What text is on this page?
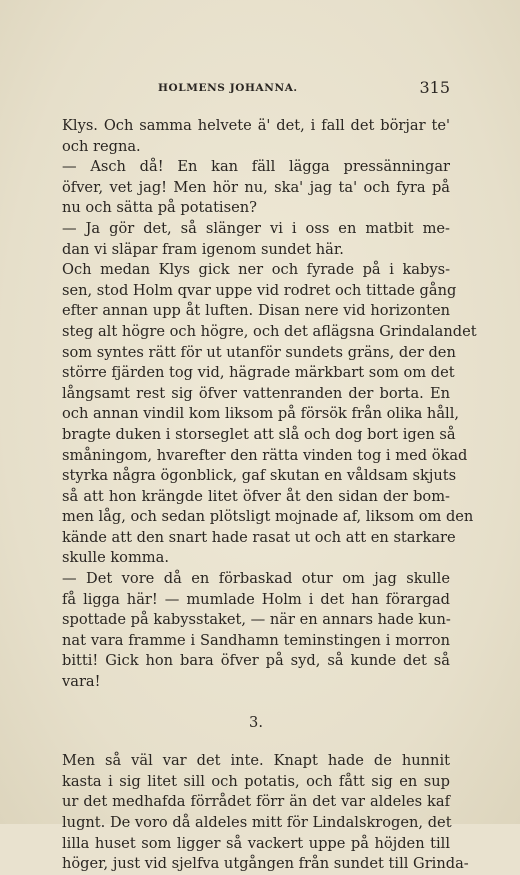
HOLMENS JOHANNA.	315
Klys. Och samma helvete ä' det, i fall det börjar te'
och regna.
— Asch då! En kan fäll lägga pressänningar
öfver, vet jag! Men hör nu, ska' jag ta' och fyra på
nu och sätta på potatisen?
— Ja gör det, så slänger vi i oss en matbit me-
dan vi släpar fram igenom sundet här.
Och medan Klys gick ner och fyrade på i kabys-
sen, stod Holm qvar uppe vid rodret och tittade gång
efter annan upp åt luften. Disan nere vid horizonten
steg alt högre och högre, och det aflägsna Grindalandet
som syntes rätt för ut utanför sundets gräns, der den
större fjärden tog vid, hägrade märkbart som om det
långsamt rest sig öfver vattenranden der borta. En
och annan vindil kom liksom på försök från olika håll,
bragte duken i storseglet att slå och dog bort igen så
småningom, hvarefter den rätta vinden tog i med ökad
styrka några ögonblick, gaf skutan en våldsam skjuts
så att hon krängde litet öfver åt den sidan der bom-
men låg, och sedan plötsligt mojnade af, liksom om den
kände att den snart hade rasat ut och att en starkare
skulle komma.
— Det vore då en förbaskad otur om jag skulle
få ligga här! — mumlade Holm i det han förargad
spottade på kabysstaket, — när en annars hade kun-
nat vara framme i Sandhamn teminstingen i morron
bitti! Gick hon bara öfver på syd, så kunde det så
vara!
3.
Men så väl var det inte. Knapt hade de hunnit
kasta i sig litet sill och potatis, och fått sig en sup
ur det medhafda förrådet förr än det var aldeles kaf
lugnt. De voro då aldeles mitt för Lindalskrogen, det
lilla huset som ligger så vackert uppe på höjden till
höger, just vid sjelfva utgången från sundet till Grinda-
